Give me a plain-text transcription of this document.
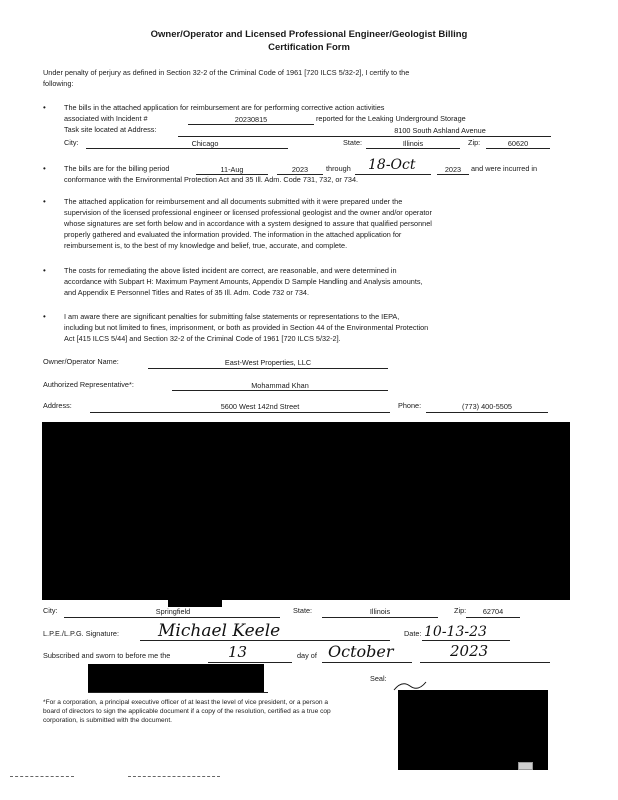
Owner/Operator and Licensed Professional Engineer/Geologist Billing
Certification Form
Under penalty of perjury as defined in Section 32-2 of the Criminal Code of 1961 [720 ILCS 5/32-2], I certify to the
following:
• The bills in the attached application for reimbursement are for performing corrective action activities
associated with Incident #	20230815	reported for the Leaking Underground Storage
Task site located at Address:	8100 South Ashland Avenue
City:	Chicago	State:	Illinois	Zip:	60620
• The bills are for the billing period	11-Aug	2023	through 18-Oct	2023	and were incurred in
conformance with the Environmental Protection Act and 35 Ill. Adm. Code 731, 732, or 734.
• The attached application for reimbursement and all documents submitted with it were prepared under the
supervision of the licensed professional engineer or licensed professional geologist and the owner and/or operator
whose signatures are set forth below and in accordance with a system designed to assure that qualified personnel
properly gathered and evaluated the information provided. The information in the attached application for
reimbursement is, to the best of my knowledge and belief, true, accurate, and complete.
• The costs for remediating the above listed incident are correct, are reasonable, and were determined in
accordance with Subpart H: Maximum Payment Amounts, Appendix D Sample Handling and Analysis amounts,
and Appendix E Personnel Titles and Rates of 35 Ill. Adm. Code 732 or 734.
• I am aware there are significant penalties for submitting false statements or representations to the IEPA,
including but not limited to fines, imprisonment, or both as provided in Section 44 of the Environmental Protection
Act [415 ILCS 5/44] and Section 32-2 of the Criminal Code of 1961 [720 ILCS 5/32-2].
Owner/Operator Name:	East-West Properties, LLC
Authorized Representative*:	Mohammad Khan
Address:	5600 West 142nd Street	Phone:	(773) 400-5505
City:	Springfield	State:	Illinois	Zip:	62704
L.P.E./L.P.G. Signature: Michael Keele	Date: 10-13-23
Subscribed and sworn to before me the	13	day of October	2023
Seal:
*For a corporation, a principal executive officer of at least the level of vice president, or a person a
board of directors to sign the applicable document if a copy of the resolution, certified as a true cop
corporation, is submitted with the document.
